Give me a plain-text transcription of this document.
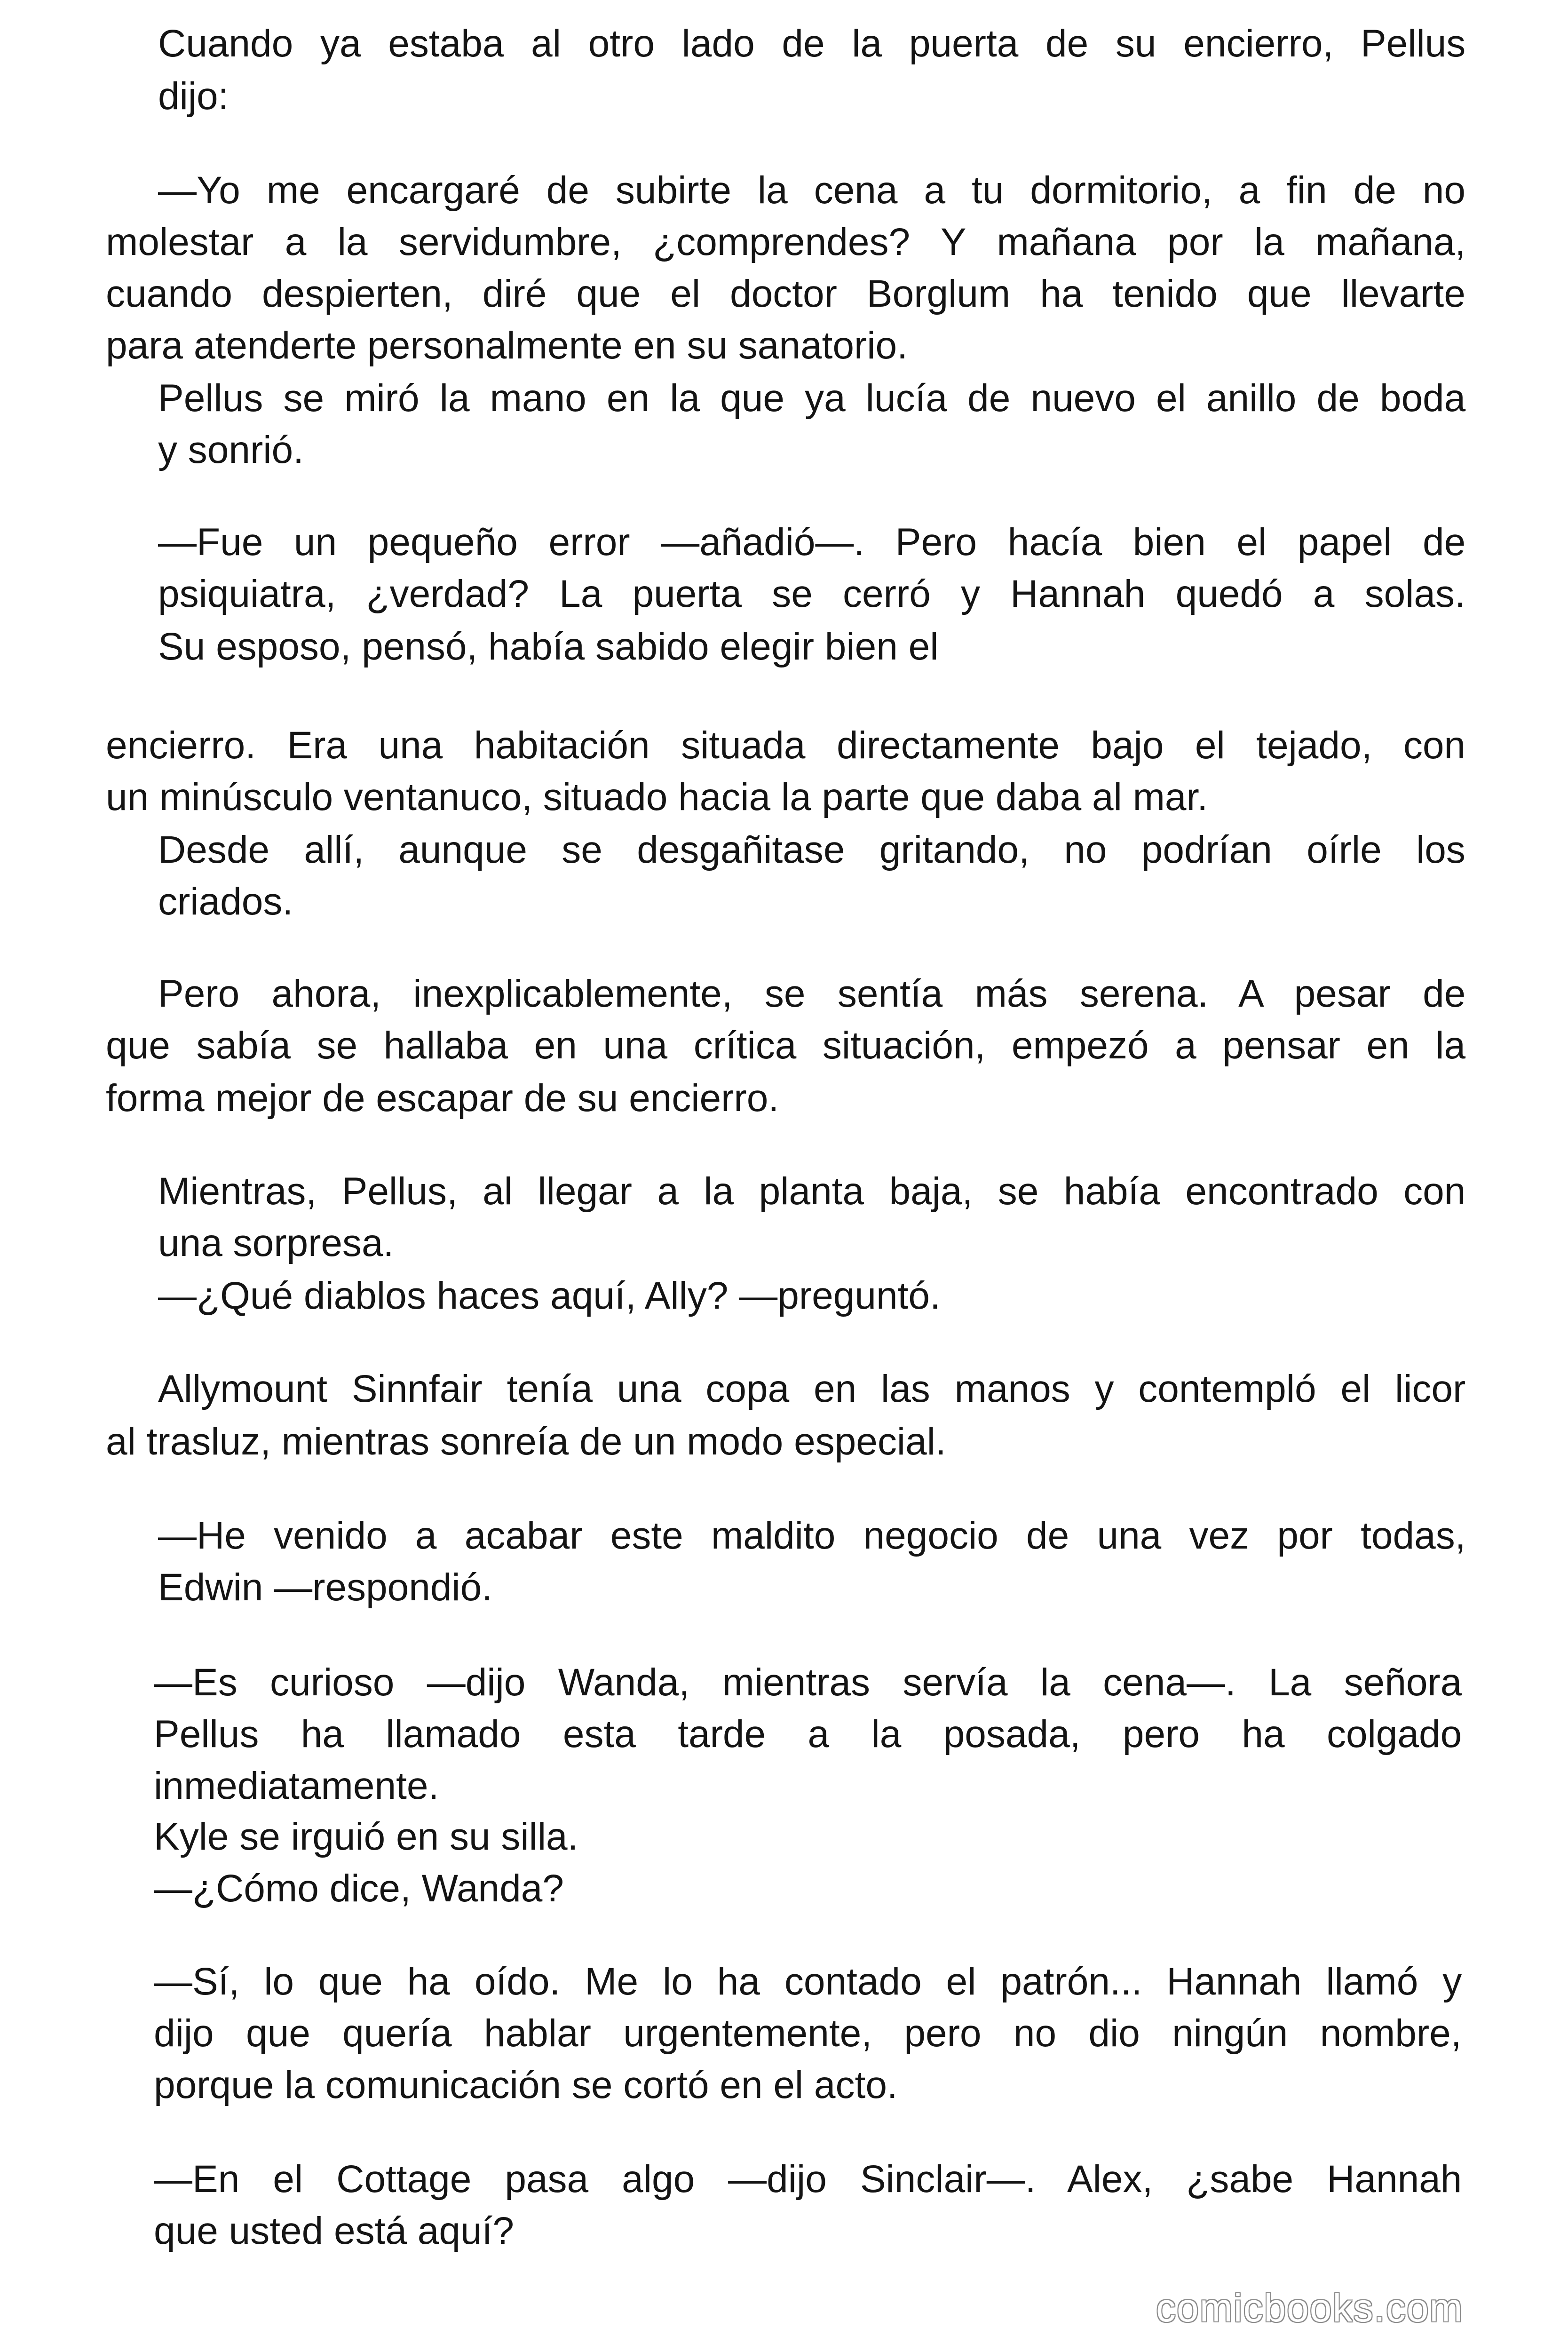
Cuando ya estaba al otro lado de la puerta de su encierro, Pellus
dijo:
—Yo me encargaré de subirte la cena a tu dormitorio, a fin de no
molestar a la servidumbre, ¿comprendes? Y mañana por la mañana,
cuando despierten, diré que el doctor Borglum ha tenido que llevarte
para atenderte personalmente en su sanatorio.
Pellus se miró la mano en la que ya lucía de nuevo el anillo de boda
y sonrió.
—Fue un pequeño error —añadió—. Pero hacía bien el papel de
psiquiatra, ¿verdad? La puerta se cerró y Hannah quedó a solas.
Su esposo, pensó, había sabido elegir bien el
encierro. Era una habitación situada directamente bajo el tejado, con
un minúsculo ventanuco, situado hacia la parte que daba al mar.
Desde allí, aunque se desgañitase gritando, no podrían oírle los
criados.
Pero ahora, inexplicablemente, se sentía más serena. A pesar de
que sabía se hallaba en una crítica situación, empezó a pensar en la
forma mejor de escapar de su encierro.
Mientras, Pellus, al llegar a la planta baja, se había encontrado con
una sorpresa.
—¿Qué diablos haces aquí, Ally? —preguntó.
Allymount Sinnfair tenía una copa en las manos y contempló el licor
al trasluz, mientras sonreía de un modo especial.
—He venido a acabar este maldito negocio de una vez por todas,
Edwin —respondió.
—Es curioso —dijo Wanda, mientras servía la cena—. La señora
Pellus ha llamado esta tarde a la posada, pero ha colgado
inmediatamente.
Kyle se irguió en su silla.
—¿Cómo dice, Wanda?
—Sí, lo que ha oído. Me lo ha contado el patrón... Hannah llamó y
dijo que quería hablar urgentemente, pero no dio ningún nombre,
porque la comunicación se cortó en el acto.
—En el Cottage pasa algo —dijo Sinclair—. Alex, ¿sabe Hannah
que usted está aquí?
comicbooks.com
